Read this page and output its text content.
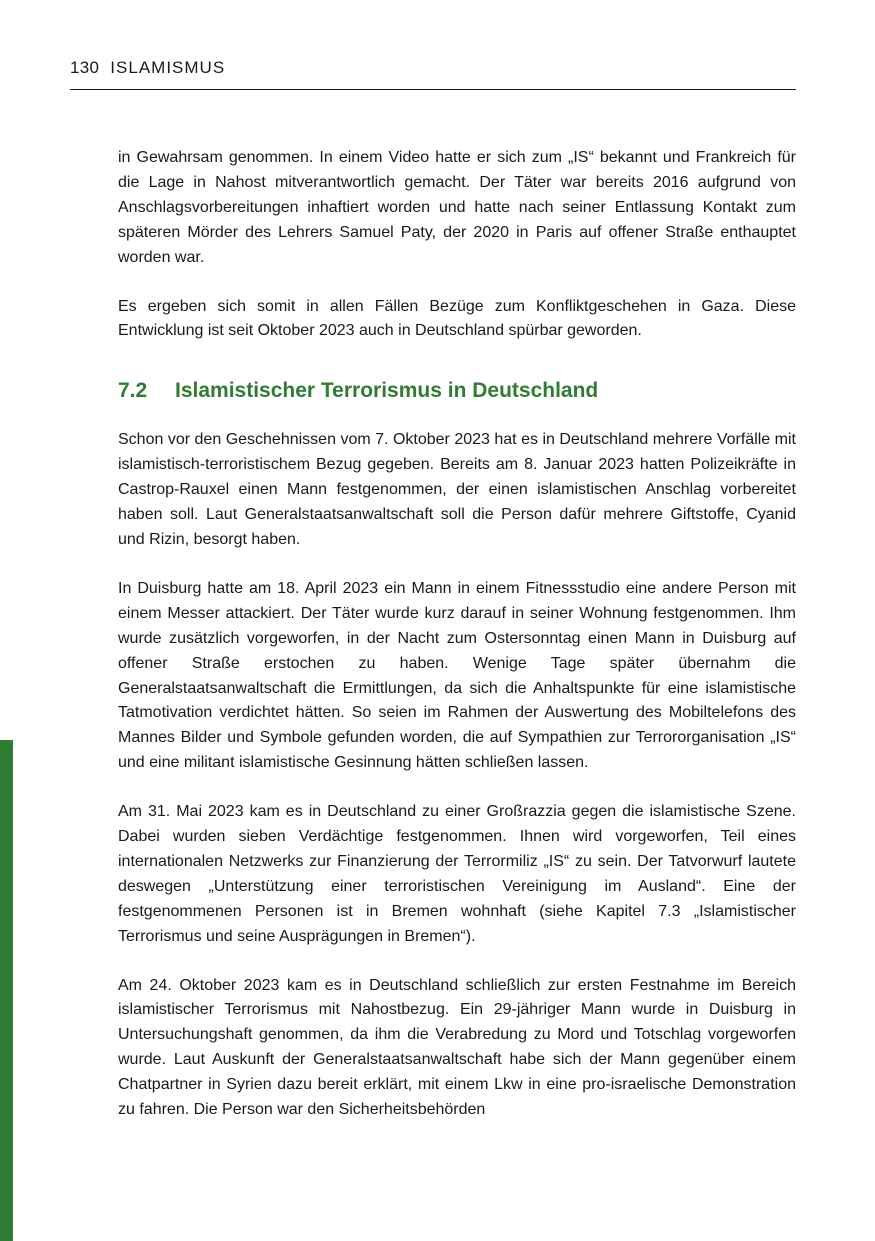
130 ISLAMISMUS

in Gewahrsam genommen. In einem Video hatte er sich zum „IS“ bekannt und Frankreich für die Lage in Nahost mitverantwortlich gemacht. Der Täter war bereits 2016 aufgrund von Anschlagsvorbereitungen inhaftiert worden und hatte nach seiner Entlassung Kontakt zum späteren Mörder des Lehrers Samuel Paty, der 2020 in Paris auf offener Straße enthauptet worden war.

Es ergeben sich somit in allen Fällen Bezüge zum Konfliktgeschehen in Gaza. Diese Entwicklung ist seit Oktober 2023 auch in Deutschland spürbar geworden.

7.2 Islamistischer Terrorismus in Deutschland

Schon vor den Geschehnissen vom 7. Oktober 2023 hat es in Deutschland mehrere Vorfälle mit islamistisch-terroristischem Bezug gegeben. Bereits am 8. Januar 2023 hatten Polizeikräfte in Castrop-Rauxel einen Mann festgenommen, der einen islamistischen Anschlag vorbereitet haben soll. Laut Generalstaatsanwaltschaft soll die Person dafür mehrere Giftstoffe, Cyanid und Rizin, besorgt haben.

In Duisburg hatte am 18. April 2023 ein Mann in einem Fitnessstudio eine andere Person mit einem Messer attackiert. Der Täter wurde kurz darauf in seiner Wohnung festgenommen. Ihm wurde zusätzlich vorgeworfen, in der Nacht zum Ostersonntag einen Mann in Duisburg auf offener Straße erstochen zu haben. Wenige Tage später übernahm die Generalstaatsanwaltschaft die Ermittlungen, da sich die Anhaltspunkte für eine islamistische Tatmotivation verdichtet hätten. So seien im Rahmen der Auswertung des Mobiltelefons des Mannes Bilder und Symbole gefunden worden, die auf Sympathien zur Terrororganisation „IS“ und eine militant islamistische Gesinnung hätten schließen lassen.

Am 31. Mai 2023 kam es in Deutschland zu einer Großrazzia gegen die islamistische Szene. Dabei wurden sieben Verdächtige festgenommen. Ihnen wird vorgeworfen, Teil eines internationalen Netzwerks zur Finanzierung der Terrormiliz „IS“ zu sein. Der Tatvorwurf lautete deswegen „Unterstützung einer terroristischen Vereinigung im Ausland“. Eine der festgenommenen Personen ist in Bremen wohnhaft (siehe Kapitel 7.3 „Islamistischer Terrorismus und seine Ausprägungen in Bremen“).

Am 24. Oktober 2023 kam es in Deutschland schließlich zur ersten Festnahme im Bereich islamistischer Terrorismus mit Nahostbezug. Ein 29-jähriger Mann wurde in Duisburg in Untersuchungshaft genommen, da ihm die Verabredung zu Mord und Totschlag vorgeworfen wurde. Laut Auskunft der Generalstaatsanwaltschaft habe sich der Mann gegenüber einem Chatpartner in Syrien dazu bereit erklärt, mit einem Lkw in eine pro-israelische Demonstration zu fahren. Die Person war den Sicherheitsbehörden
